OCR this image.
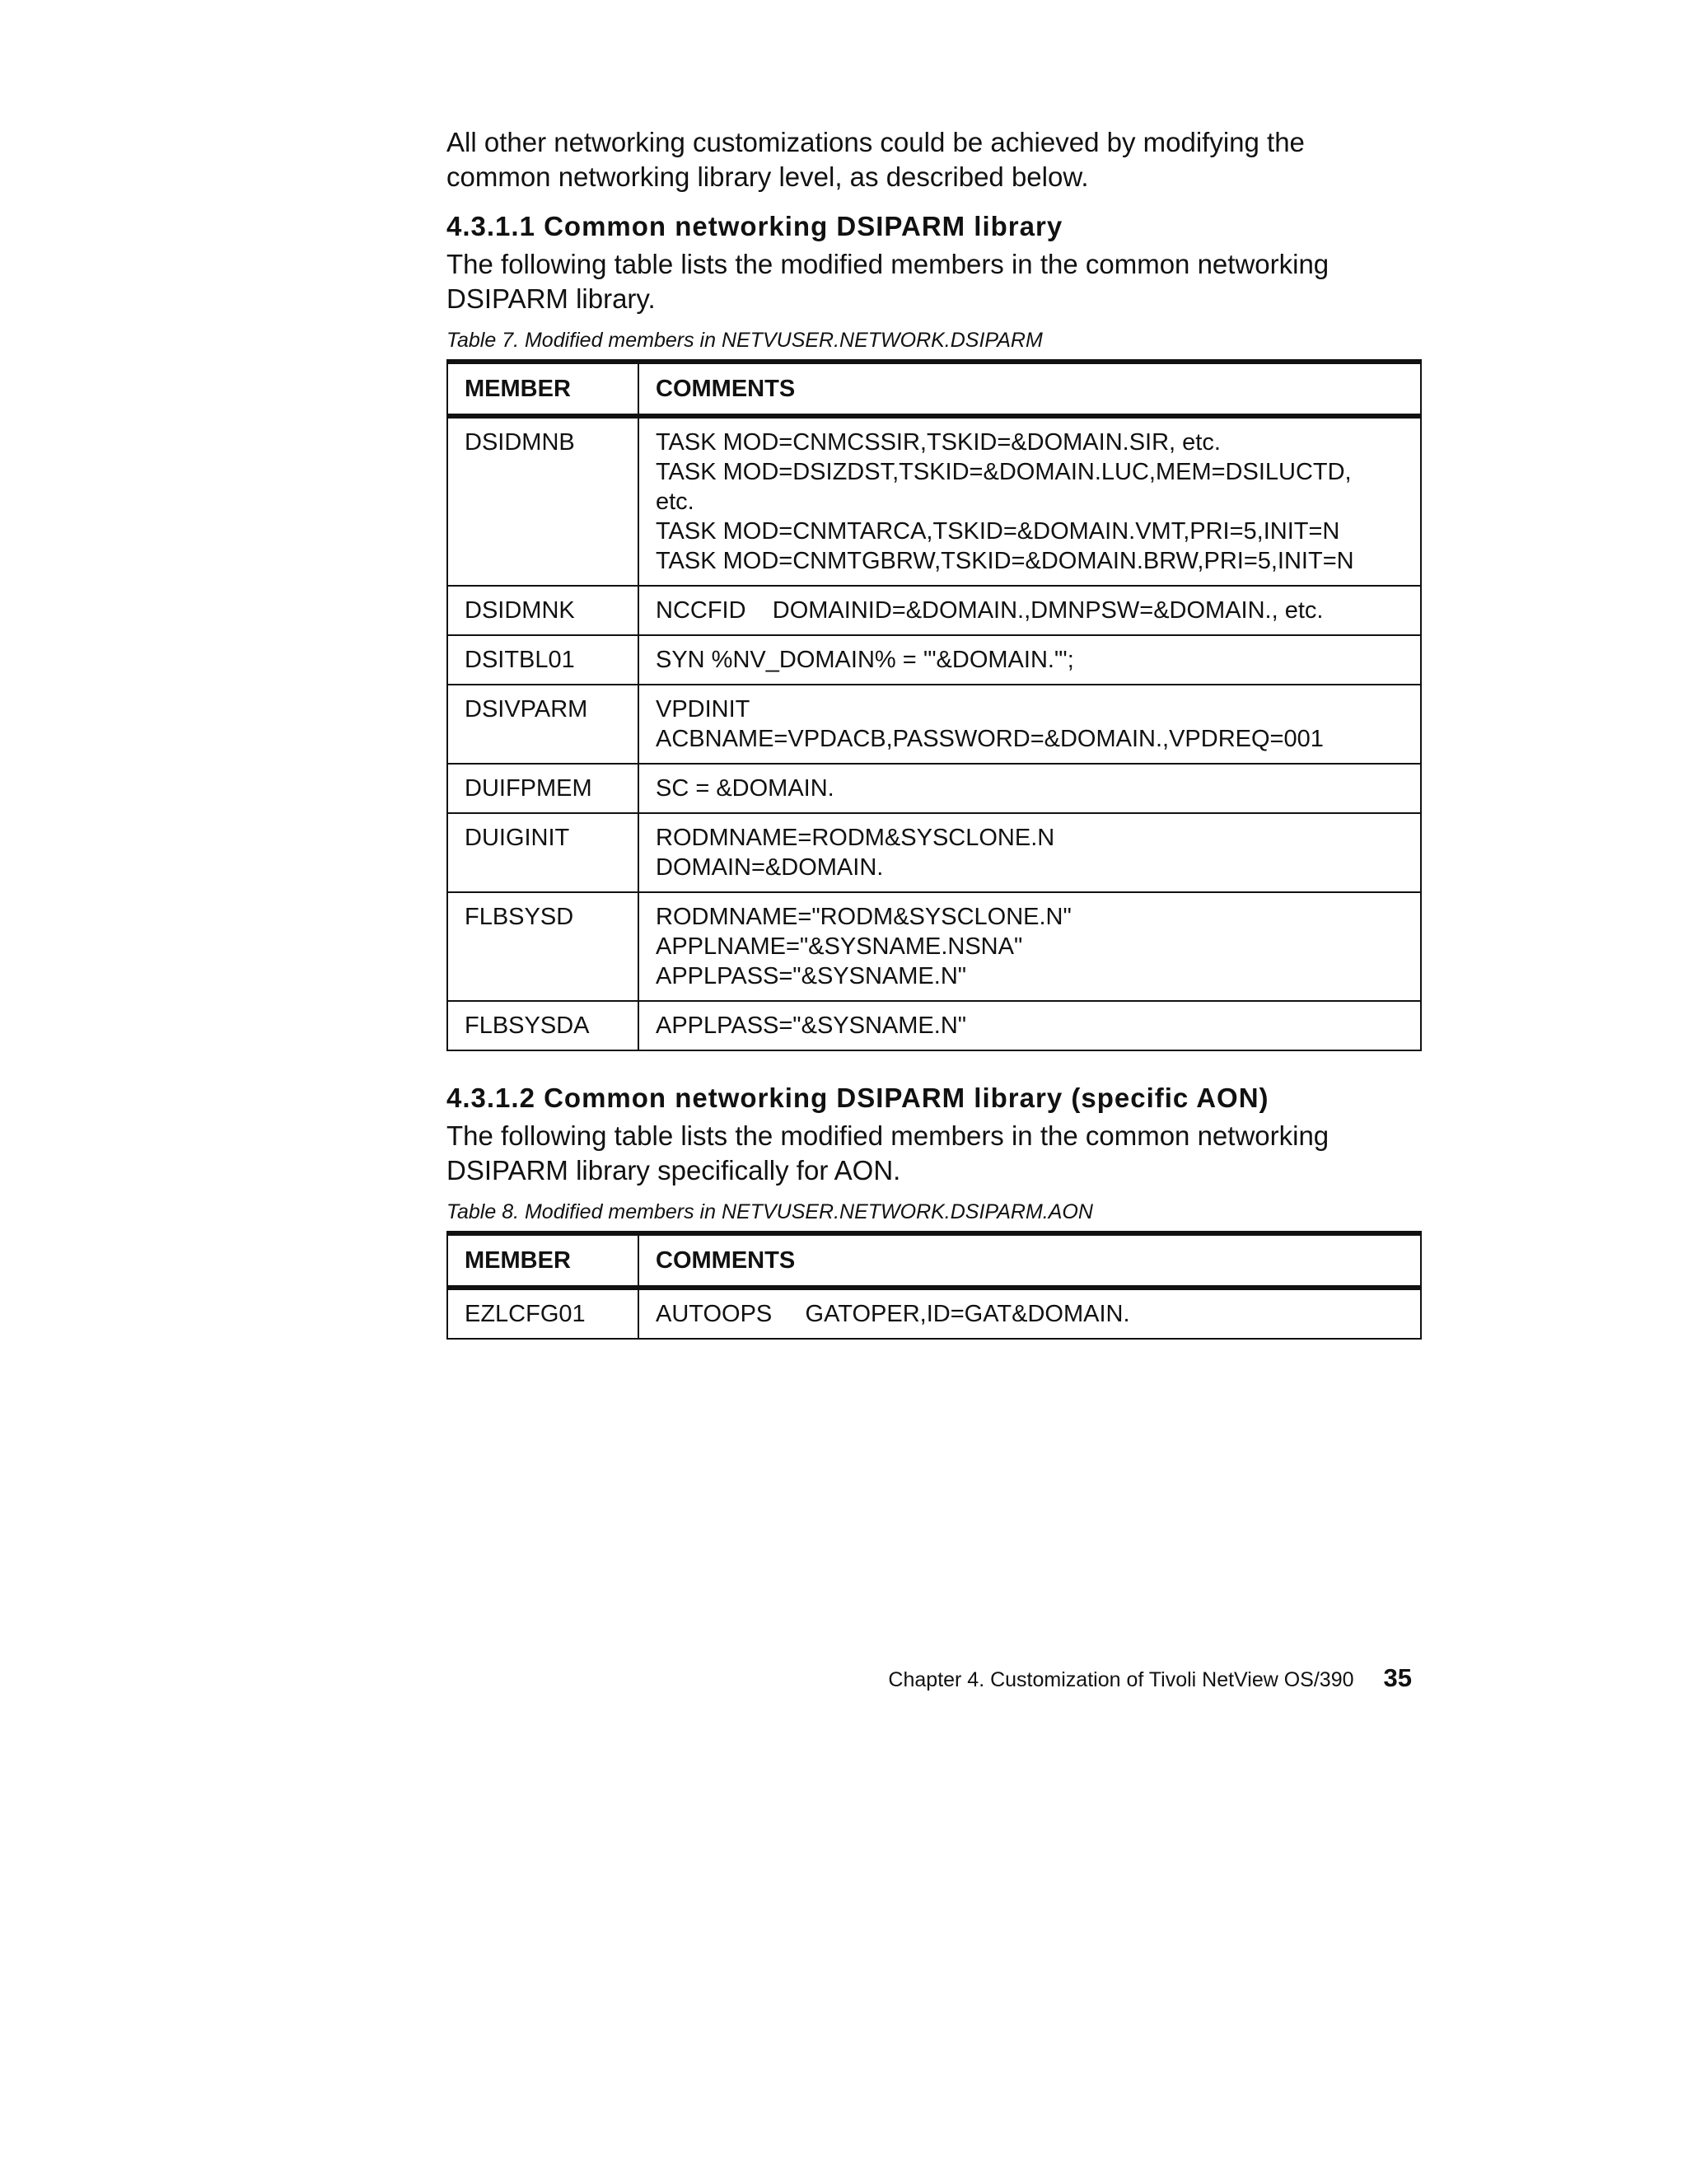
All other networking customizations could be achieved by modifying the
common networking library level, as described below.

4.3.1.1 Common networking DSIPARM library

The following table lists the modified members in the common networking
DSIPARM library.

Table 7. Modified members in NETVUSER.NETWORK.DSIPARM

MEMBER	COMMENTS
DSIDMNB	TASK MOD=CNMCSSIR,TSKID=&DOMAIN.SIR, etc.
TASK MOD=DSIZDST,TSKID=&DOMAIN.LUC,MEM=DSILUCTD,
etc.
TASK MOD=CNMTARCA,TSKID=&DOMAIN.VMT,PRI=5,INIT=N
TASK MOD=CNMTGBRW,TSKID=&DOMAIN.BRW,PRI=5,INIT=N

DSIDMNK	NCCFID    DOMAINID=&DOMAIN.,DMNPSW=&DOMAIN., etc.

DSITBL01	SYN %NV_DOMAIN% = '"&DOMAIN."';

DSIVPARM	VPDINIT
ACBNAME=VPDACB,PASSWORD=&DOMAIN.,VPDREQ=001

DUIFPMEM	SC = &DOMAIN.

DUIGINIT	RODMNAME=RODM&SYSCLONE.N
DOMAIN=&DOMAIN.

FLBSYSD	RODMNAME="RODM&SYSCLONE.N"
APPLNAME="&SYSNAME.NSNA"
APPLPASS="&SYSNAME.N"

FLBSYSDA	APPLPASS="&SYSNAME.N"
4.3.1.2 Common networking DSIPARM library (specific AON)

The following table lists the modified members in the common networking
DSIPARM library specifically for AON.

Table 8. Modified members in NETVUSER.NETWORK.DSIPARM.AON

MEMBER	COMMENTS
EZLCFG01	AUTOOPS     GATOPER,ID=GAT&DOMAIN.
Chapter 4. Customization of Tivoli NetView OS/390 35
